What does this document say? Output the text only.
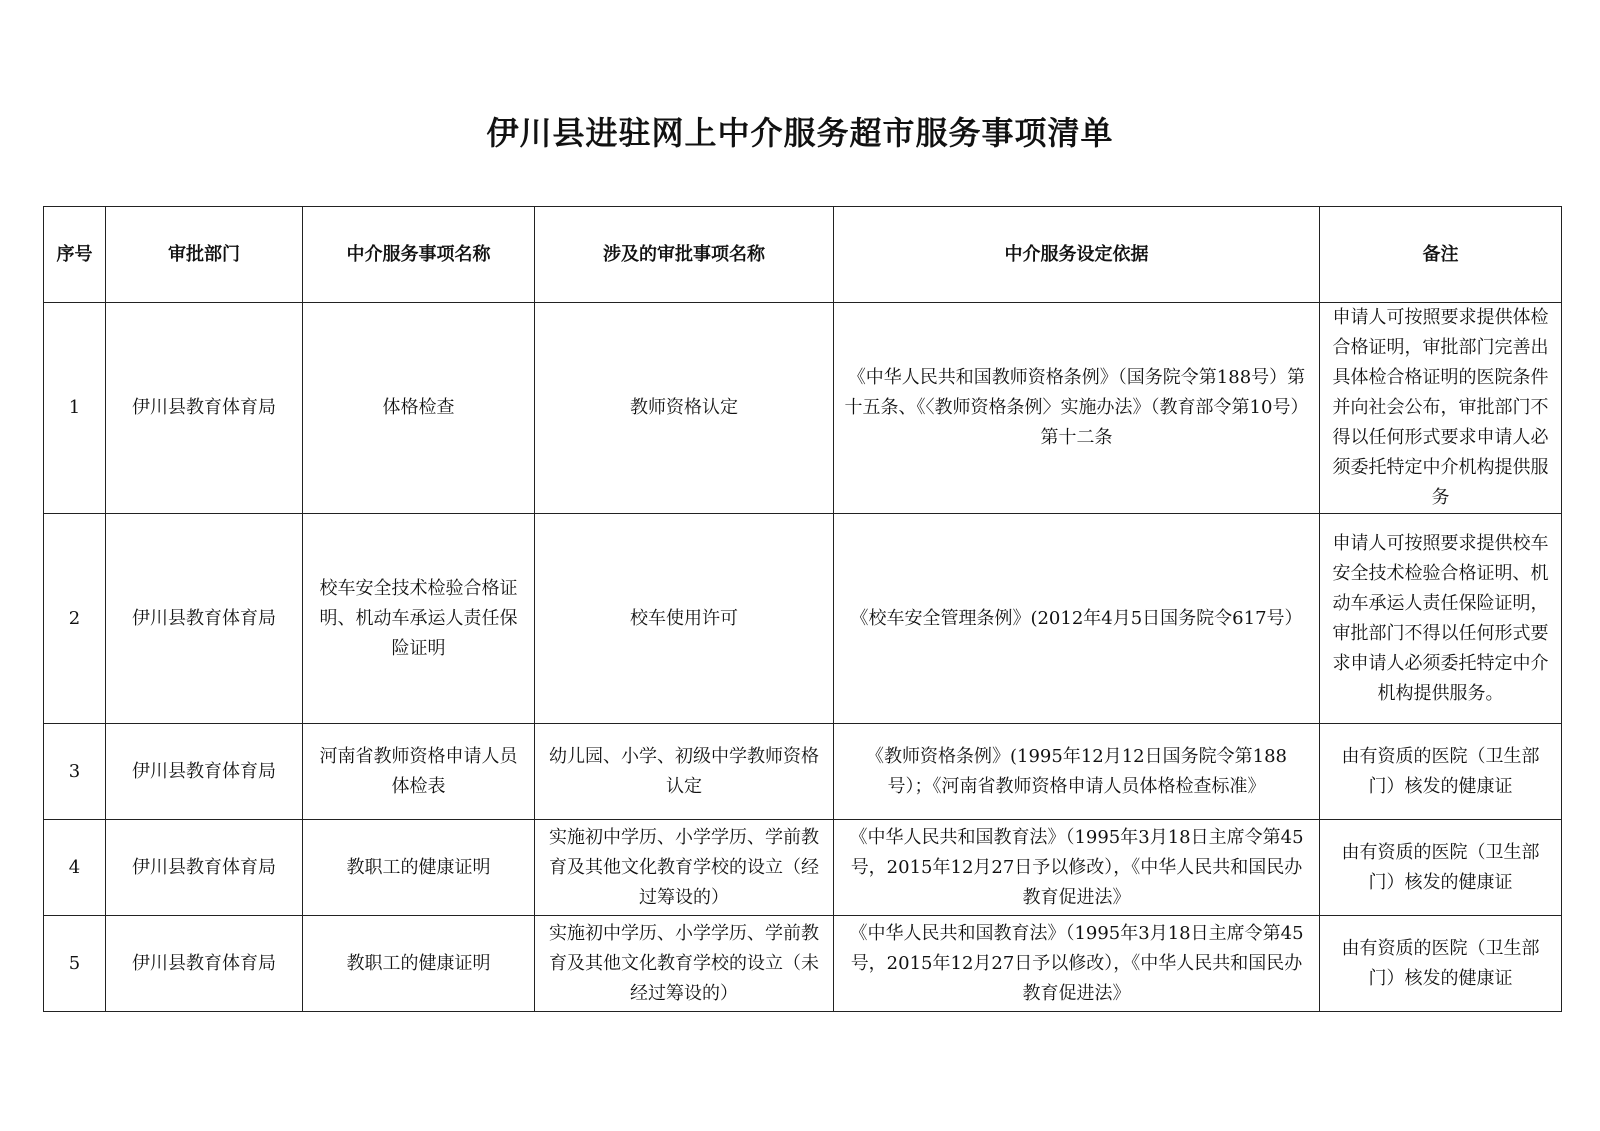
伊川县进驻网上中介服务超市服务事项清单
序号	审批部门	中介服务事项名称	涉及的审批事项名称	中介服务设定依据	备注
1	伊川县教育体育局	体格检查	教师资格认定	《中华人民共和国教师资格条例》（国务院令第188号）第十五条、《〈教师资格条例〉实施办法》（教育部令第10号）第十二条	申请人可按照要求提供体检合格证明，审批部门完善出具体检合格证明的医院条件并向社会公布，审批部门不得以任何形式要求申请人必须委托特定中介机构提供服务
2	伊川县教育体育局	校车安全技术检验合格证明、机动车承运人责任保险证明	校车使用许可	《校车安全管理条例》(2012年4月5日国务院令617号）	申请人可按照要求提供校车安全技术检验合格证明、机动车承运人责任保险证明，审批部门不得以任何形式要求申请人必须委托特定中介机构提供服务。
3	伊川县教育体育局	河南省教师资格申请人员体检表	幼儿园、小学、初级中学教师资格认定	《教师资格条例》(1995年12月12日国务院令第188号）；《河南省教师资格申请人员体格检查标准》	由有资质的医院（卫生部门）核发的健康证
4	伊川县教育体育局	教职工的健康证明	实施初中学历、小学学历、学前教育及其他文化教育学校的设立（经过筹设的）	《中华人民共和国教育法》（1995年3月18日主席令第45号，2015年12月27日予以修改），《中华人民共和国民办教育促进法》	由有资质的医院（卫生部门）核发的健康证
5	伊川县教育体育局	教职工的健康证明	实施初中学历、小学学历、学前教育及其他文化教育学校的设立（未经过筹设的）	《中华人民共和国教育法》（1995年3月18日主席令第45号，2015年12月27日予以修改），《中华人民共和国民办教育促进法》	由有资质的医院（卫生部门）核发的健康证
